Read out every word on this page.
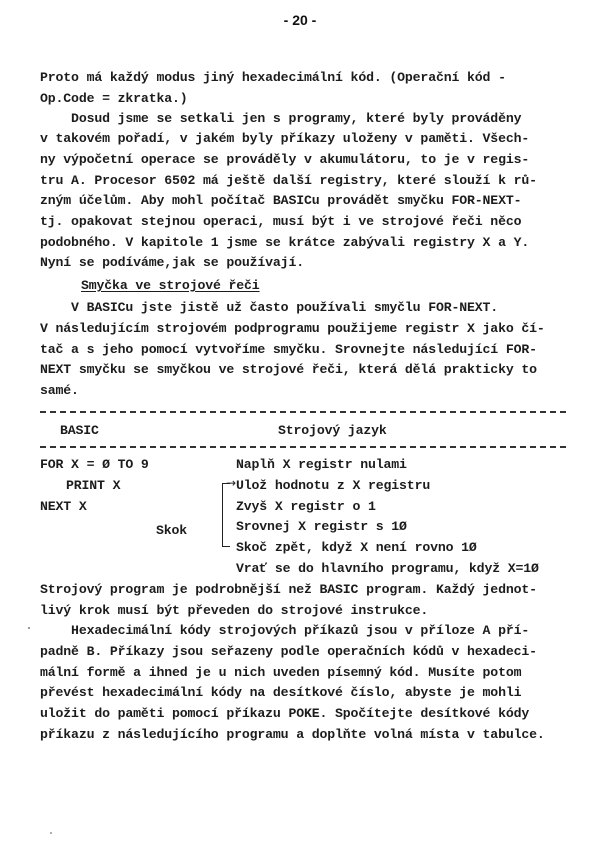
- 20 -
Proto má každý modus jiný hexadecimální kód. (Operační kód -
Op.Code = zkratka.)
Dosud jsme se setkali jen s programy, které byly prováděny
v takovém pořadí, v jakém byly příkazy uloženy v paměti. Všech-
ny výpočetní operace se prováděly v akumulátoru, to je v regis-
tru A. Procesor 6502 má ještě další registry, které slouží k rů-
zným účelům. Aby mohl počítač BASICu provádět smyčku FOR-NEXT-
tj. opakovat stejnou operaci, musí být i ve strojové řeči něco
podobného. V kapitole 1 jsme se krátce zabývali registry X a Y.
Nyní se podíváme,jak se používají.
Smyčka ve strojové řeči
V BASICu jste jistě už často používali smyčlu FOR-NEXT.
V následujícím strojovém podprogramu použijeme registr X jako čí-
tač a s jeho pomocí vytvoříme smyčku. Srovnejte následující FOR-
NEXT smyčku se smyčkou ve strojové řeči, která dělá prakticky to
samé.
BASIC	Strojový jazyk
FOR X = Ø TO 9
PRINT X
NEXT X
Naplň X registr nulami
Ulož hodnotu z X registru
Zvyš X registr o 1
Srovnej X registr s 1Ø
Skoč zpět, když X není rovno 1Ø
Vrať se do hlavního programu, když X=1Ø
Skok
→
Strojový program je podrobnější než BASIC program. Každý jednot-
livý krok musí být převeden do strojové instrukce.
Hexadecimální kódy strojových příkazů jsou v příloze A pří-
padně B. Příkazy jsou seřazeny podle operačních kódů v hexadeci-
mální formě a ihned je u nich uveden písemný kód. Musíte potom
převést hexadecimální kódy na desítkové číslo, abyste je mohli
uložit do paměti pomocí příkazu POKE. Spočítejte desítkové kódy
příkazu z následujícího programu a doplňte volná místa v tabulce.
